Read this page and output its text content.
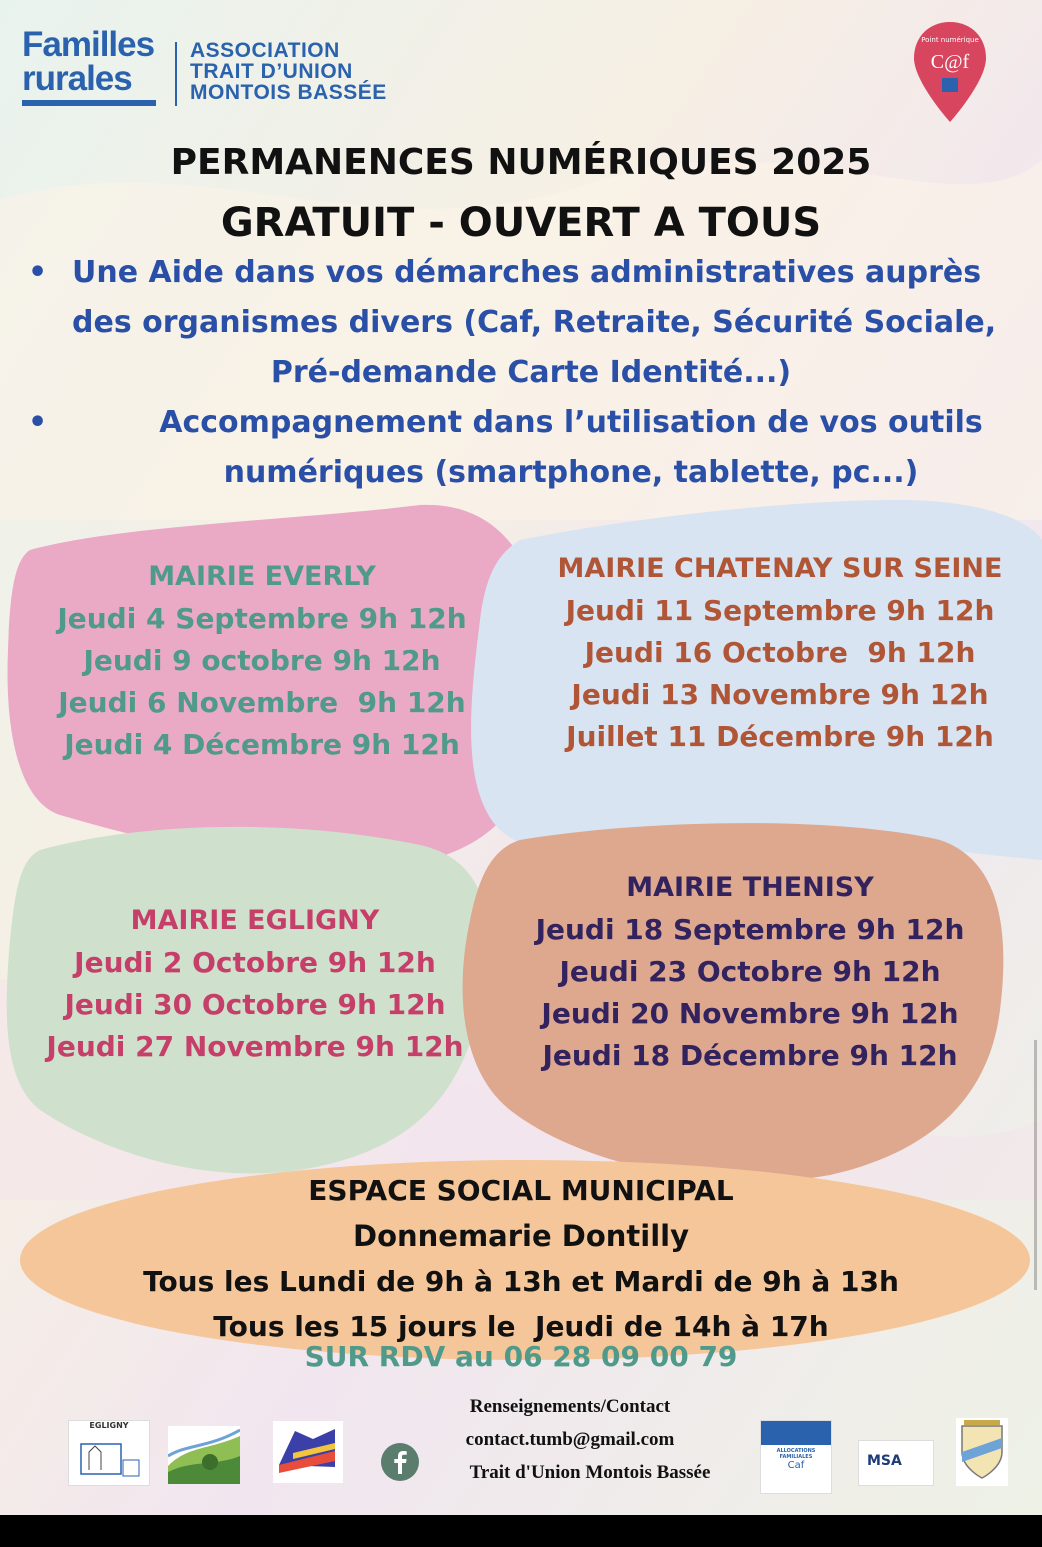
Familles
rurales
ASSOCIATION
TRAIT D’UNION
MONTOIS BASSÉE
C@f
Point numérique
PERMANENCES NUMÉRIQUES 2025
GRATUIT - OUVERT A TOUS
• Une Aide dans vos démarches administratives auprès
des organismes divers (Caf, Retraite, Sécurité Sociale,
Pré-demande Carte Identité...)
•	Accompagnement dans l’utilisation de vos outils
numériques (smartphone, tablette, pc...)
MAIRIE EVERLY
Jeudi 4 Septembre 9h 12h
Jeudi 9 octobre 9h 12h
Jeudi 6 Novembre  9h 12h
Jeudi 4 Décembre 9h 12h
MAIRIE CHATENAY SUR SEINE
Jeudi 11 Septembre 9h 12h
Jeudi 16 Octobre  9h 12h
Jeudi 13 Novembre 9h 12h
Juillet 11 Décembre 9h 12h
MAIRIE EGLIGNY
Jeudi 2 Octobre 9h 12h
Jeudi 30 Octobre 9h 12h
Jeudi 27 Novembre 9h 12h
MAIRIE THENISY
Jeudi 18 Septembre 9h 12h
Jeudi 23 Octobre 9h 12h
Jeudi 20 Novembre 9h 12h
Jeudi 18 Décembre 9h 12h
ESPACE SOCIAL MUNICIPAL
Donnemarie Dontilly
Tous les Lundi de 9h à 13h et Mardi de 9h à 13h
Tous les 15 jours le  Jeudi de 14h à 17h
SUR RDV au 06 28 09 00 79
Renseignements/Contact
contact.tumb@gmail.com
Trait d'Union Montois Bassée
EGLIGNY
ALLOCATIONS FAMILIALES
Caf	MSA
